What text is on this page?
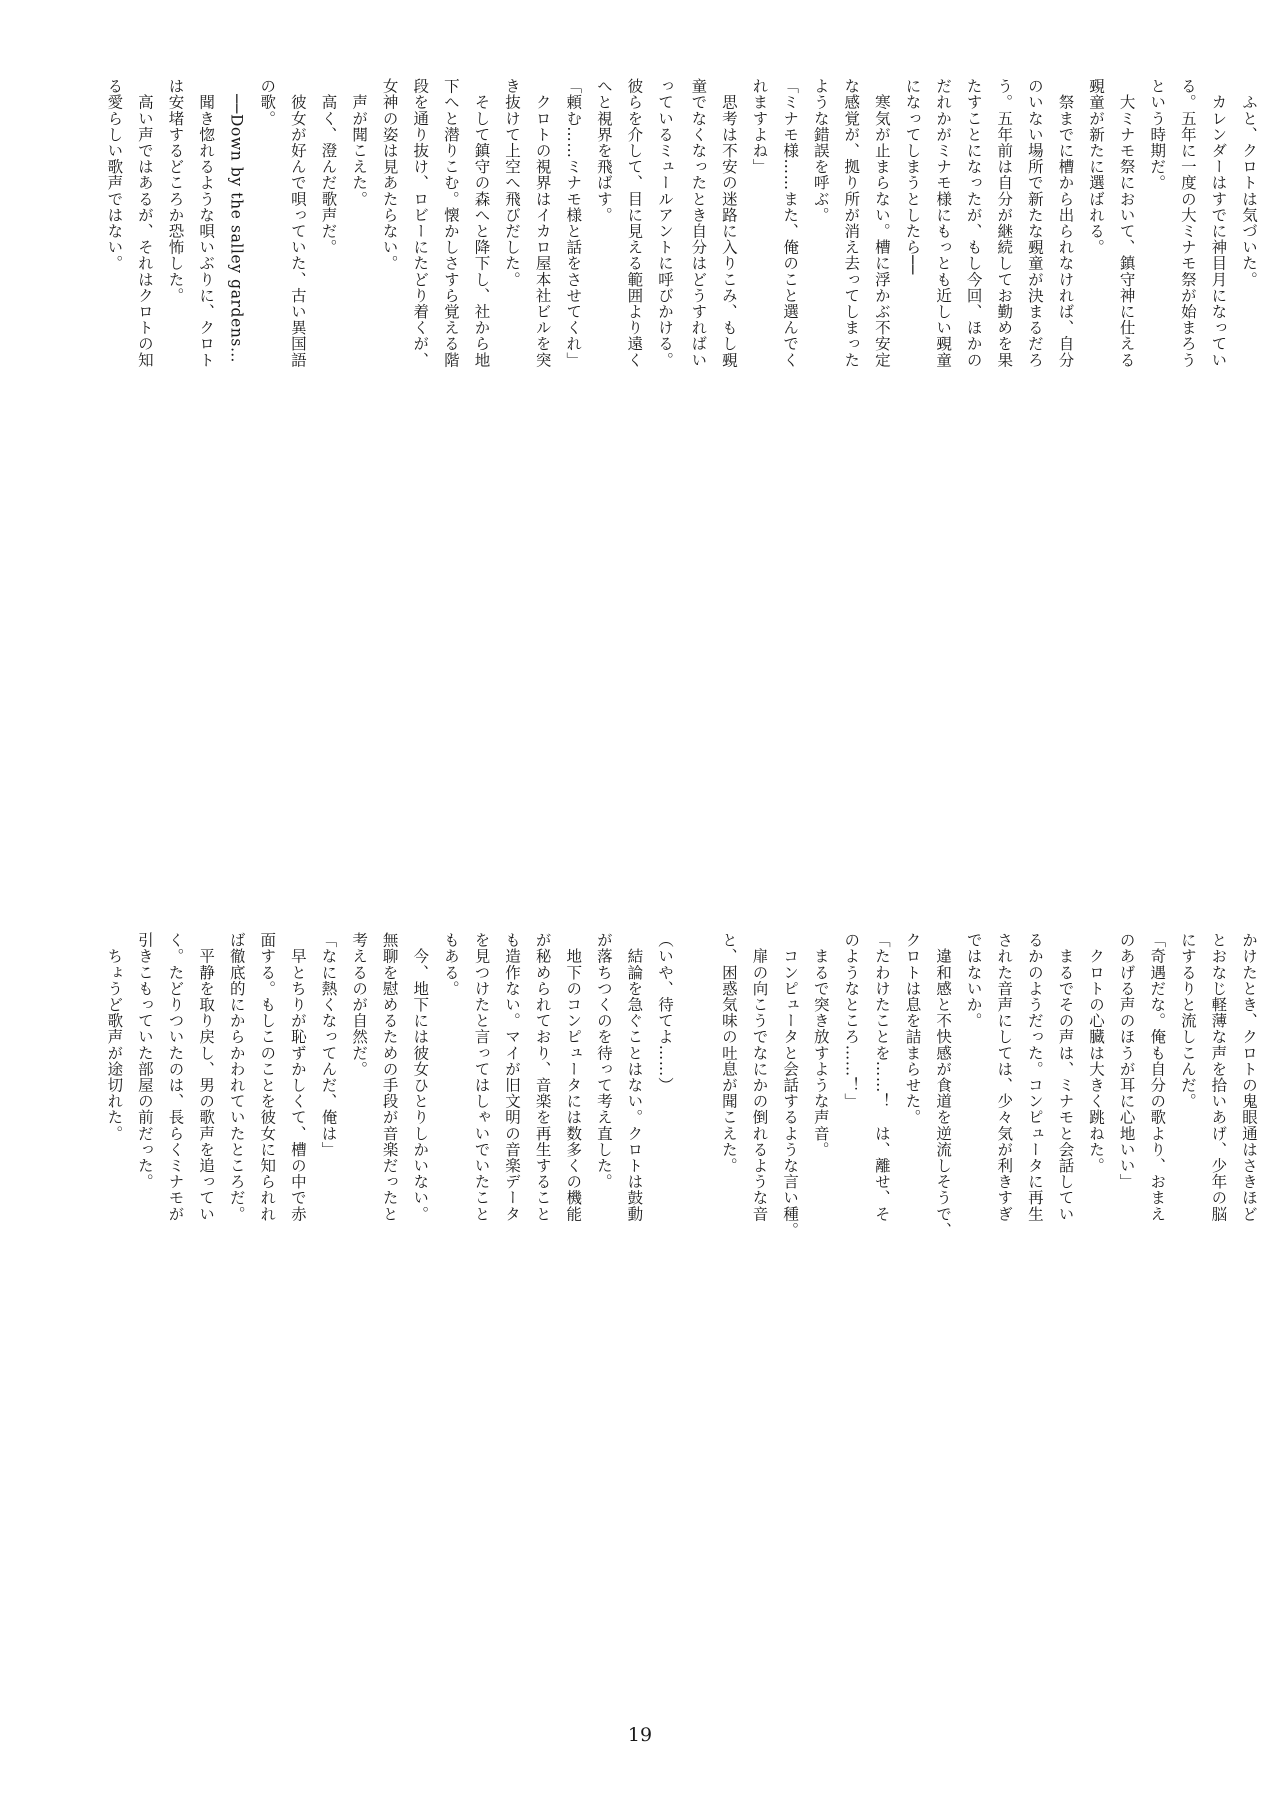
　ふと、クロトは気づいた。

　カレンダーはすでに神目月になってい

る。五年に一度の大ミナモ祭が始まろう

という時期だ。

　大ミナモ祭において、鎮守神に仕える

覡童が新たに選ばれる。

　祭までに槽から出られなければ、自分

のいない場所で新たな覡童が決まるだろ

う。五年前は自分が継続してお勤めを果

たすことになったが、もし今回、ほかの

だれかがミナモ様にもっとも近しい覡童

になってしまうとしたら──

　寒気が止まらない。槽に浮かぶ不安定

な感覚が、拠り所が消え去ってしまった

ような錯誤を呼ぶ。

「ミナモ様……また、俺のこと選んでく

れますよね」

　思考は不安の迷路に入りこみ、もし覡

童でなくなったとき自分はどうすればい

っているミュールアントに呼びかける。

彼らを介して、目に見える範囲より遠く

へと視界を飛ばす。

「頼む……ミナモ様と話をさせてくれ」

　クロトの視界はイカロ屋本社ビルを突

き抜けて上空へ飛びだした。

　そして鎮守の森へと降下し、社から地

下へと潜りこむ。懐かしさすら覚える階

段を通り抜け、ロビーにたどり着くが、

女神の姿は見あたらない。

　声が聞こえた。

　高く、澄んだ歌声だ。

　彼女が好んで唄っていた、古い異国語

の歌。

　──Down by the salley gardens…

　聞き惚れるような唄いぶりに、クロト

は安堵するどころか恐怖した。

　高い声ではあるが、それはクロトの知

る愛らしい歌声ではない。

かけたとき、クロトの鬼眼通はさきほど

とおなじ軽薄な声を拾いあげ、少年の脳

にするりと流しこんだ。

「奇遇だな。俺も自分の歌より、おまえ

のあげる声のほうが耳に心地いい」

　クロトの心臓は大きく跳ねた。

　まるでその声は、ミナモと会話してい

るかのようだった。コンピュータに再生

された音声にしては、少々気が利きすぎ

ではないか。

　違和感と不快感が食道を逆流しそうで、

クロトは息を詰まらせた。

「たわけたことを……！　は、離せ、そ

のようなところ……！」

　まるで突き放すような声音。

　コンピュータと会話するような言い種。

　扉の向こうでなにかの倒れるような音

と、困惑気味の吐息が聞こえた。

（いや、待てよ……）

　結論を急ぐことはない。クロトは鼓動

が落ちつくのを待って考え直した。

　地下のコンピュータには数多くの機能

が秘められており、音楽を再生すること

も造作ない。マイが旧文明の音楽データ

を見つけたと言ってはしゃいでいたこと

もある。

　今、地下には彼女ひとりしかいない。

無聊を慰めるための手段が音楽だったと

考えるのが自然だ。

「なに熱くなってんだ、俺は」

　早とちりが恥ずかしくて、槽の中で赤

面する。もしこのことを彼女に知られれ

ば徹底的にからかわれていたところだ。

　平静を取り戻し、男の歌声を追ってい

く。たどりついたのは、長らくミナモが

引きこもっていた部屋の前だった。

　ちょうど歌声が途切れた。

19
